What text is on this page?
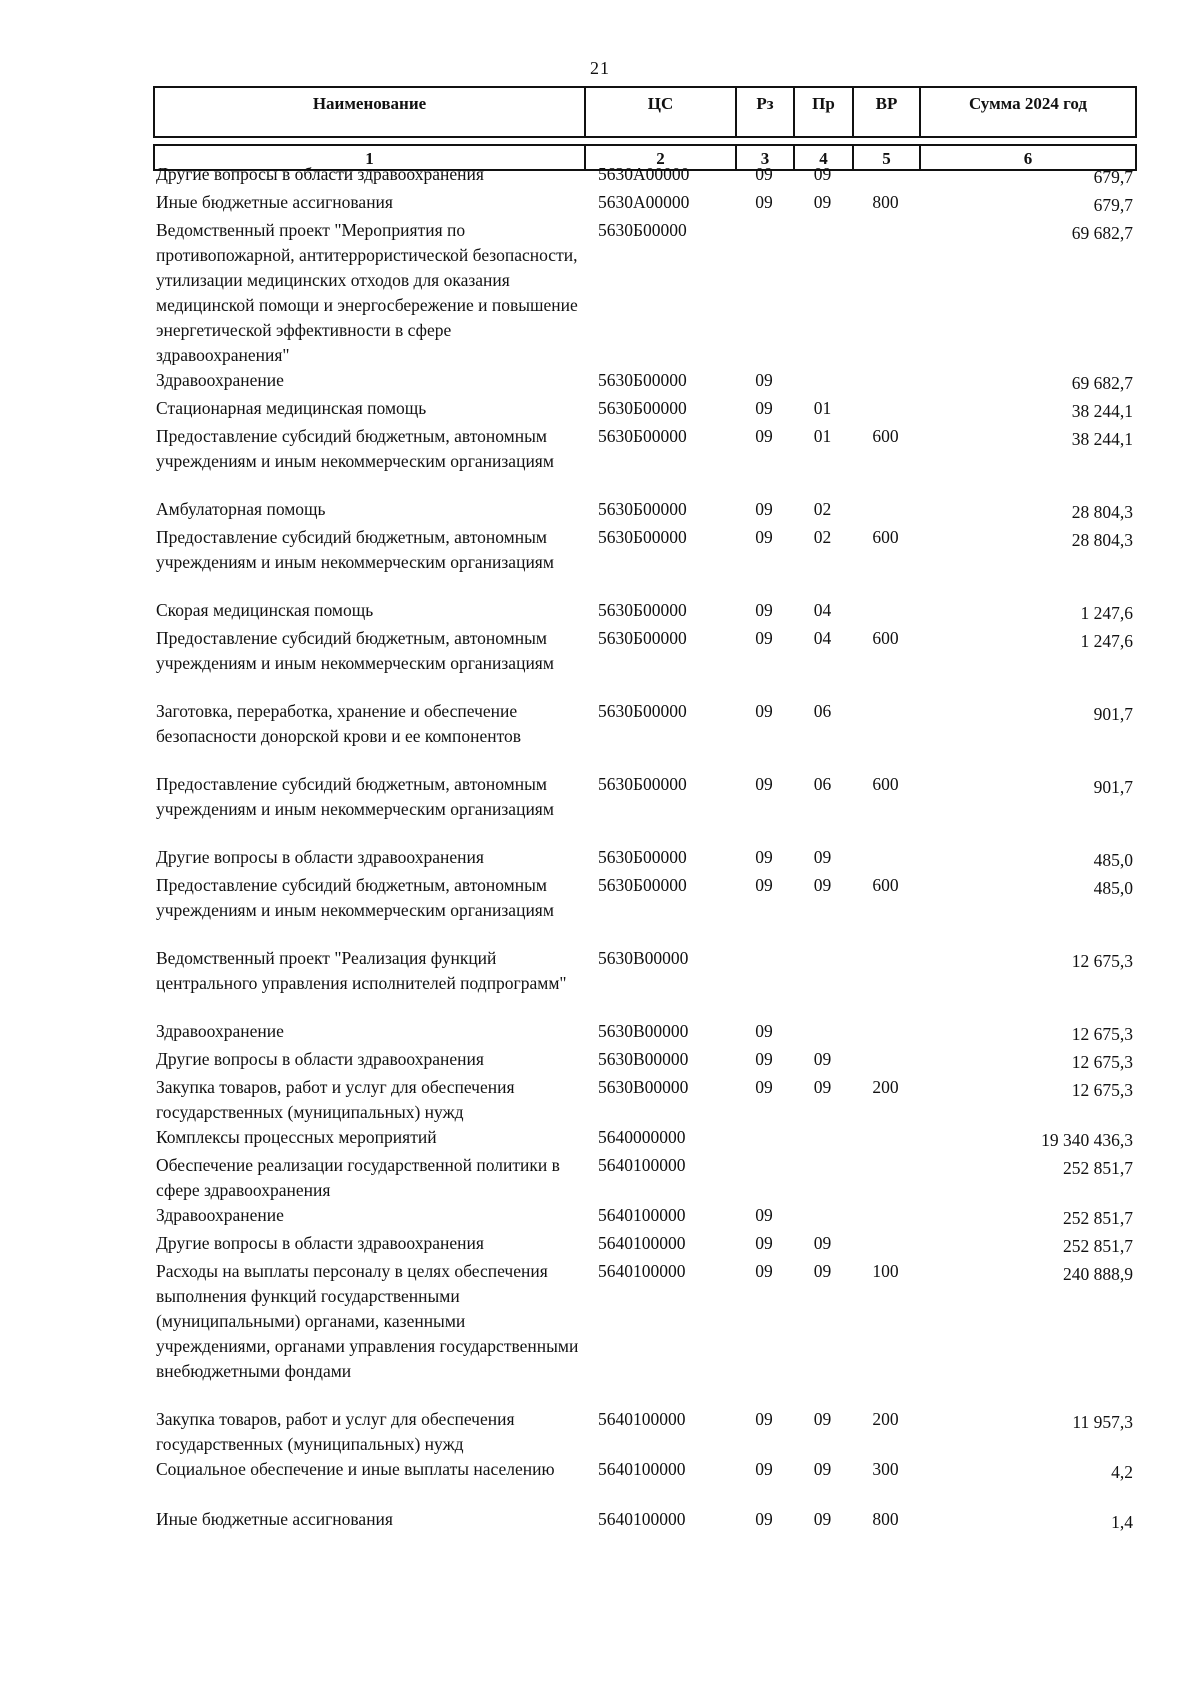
21
Наименование	ЦС	Рз	Пр	ВР	Сумма 2024 год

1	2	3	4	5	6
Другие вопросы в области здравоохранения	5630A00000	09	09		679,7
Иные бюджетные ассигнования	5630A00000	09	09	800	679,7
Ведомственный проект "Мероприятия по противопожарной, антитеррористической безопасности, утилизации медицинских отходов для оказания медицинской помощи и энергосбережение и повышение энергетической эффективности в сфере здравоохранения"	5630Б00000				69 682,7
Здравоохранение	5630Б00000	09			69 682,7
Стационарная медицинская помощь	5630Б00000	09	01		38 244,1
Предоставление субсидий бюджетным, автономным учреждениям и иным некоммерческим организациям	5630Б00000	09	01	600	38 244,1
Амбулаторная помощь	5630Б00000	09	02		28 804,3
Предоставление субсидий бюджетным, автономным учреждениям и иным некоммерческим организациям	5630Б00000	09	02	600	28 804,3
Скорая медицинская помощь	5630Б00000	09	04		1 247,6
Предоставление субсидий бюджетным, автономным учреждениям и иным некоммерческим организациям	5630Б00000	09	04	600	1 247,6
Заготовка, переработка, хранение и обеспечение безопасности донорской крови и ее компонентов	5630Б00000	09	06		901,7
Предоставление субсидий бюджетным, автономным учреждениям и иным некоммерческим организациям	5630Б00000	09	06	600	901,7
Другие вопросы в области здравоохранения	5630Б00000	09	09		485,0
Предоставление субсидий бюджетным, автономным учреждениям и иным некоммерческим организациям	5630Б00000	09	09	600	485,0
Ведомственный проект "Реализация функций центрального управления исполнителей подпрограмм"	5630В00000				12 675,3
Здравоохранение	5630В00000	09			12 675,3
Другие вопросы в области здравоохранения	5630В00000	09	09		12 675,3
Закупка товаров, работ и услуг для обеспечения государственных (муниципальных) нужд	5630В00000	09	09	200	12 675,3
Комплексы процессных мероприятий	5640000000				19 340 436,3
Обеспечение реализации государственной политики в сфере здравоохранения	5640100000				252 851,7
Здравоохранение	5640100000	09			252 851,7
Другие вопросы в области здравоохранения	5640100000	09	09		252 851,7
Расходы на выплаты персоналу в целях обеспечения выполнения функций государственными (муниципальными) органами, казенными учреждениями, органами управления государственными внебюджетными фондами	5640100000	09	09	100	240 888,9
Закупка товаров, работ и услуг для обеспечения государственных (муниципальных) нужд	5640100000	09	09	200	11 957,3
Социальное обеспечение и иные выплаты населению	5640100000	09	09	300	4,2
Иные бюджетные ассигнования	5640100000	09	09	800	1,4
